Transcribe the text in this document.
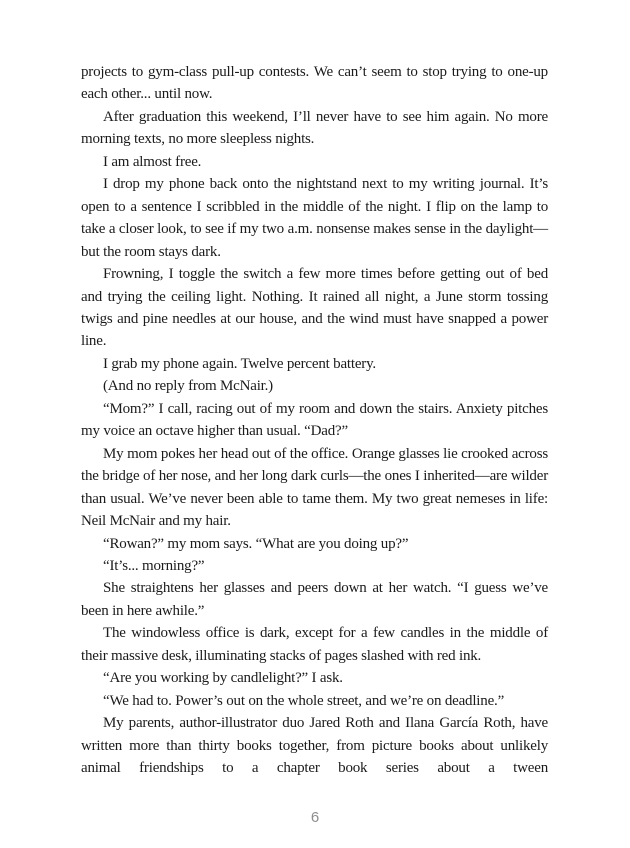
projects to gym-class pull-up contests. We can’t seem to stop trying to one-up each other... until now.

After graduation this weekend, I’ll never have to see him again. No more morning texts, no more sleepless nights.

I am almost free.

I drop my phone back onto the nightstand next to my writing journal. It’s open to a sentence I scribbled in the middle of the night. I flip on the lamp to take a closer look, to see if my two a.m. nonsense makes sense in the daylight—but the room stays dark.

Frowning, I toggle the switch a few more times before getting out of bed and trying the ceiling light. Nothing. It rained all night, a June storm tossing twigs and pine needles at our house, and the wind must have snapped a power line.

I grab my phone again. Twelve percent battery.

(And no reply from McNair.)

“Mom?” I call, racing out of my room and down the stairs. Anxiety pitches my voice an octave higher than usual. “Dad?”

My mom pokes her head out of the office. Orange glasses lie crooked across the bridge of her nose, and her long dark curls—the ones I inherited—are wilder than usual. We’ve never been able to tame them. My two great nemeses in life: Neil McNair and my hair.

“Rowan?” my mom says. “What are you doing up?”

“It’s... morning?”

She straightens her glasses and peers down at her watch. “I guess we’ve been in here awhile.”

The windowless office is dark, except for a few candles in the middle of their massive desk, illuminating stacks of pages slashed with red ink.

“Are you working by candlelight?” I ask.

“We had to. Power’s out on the whole street, and we’re on deadline.”

My parents, author-illustrator duo Jared Roth and Ilana García Roth, have written more than thirty books together, from picture books about unlikely animal friendships to a chapter book series about a tween

6
